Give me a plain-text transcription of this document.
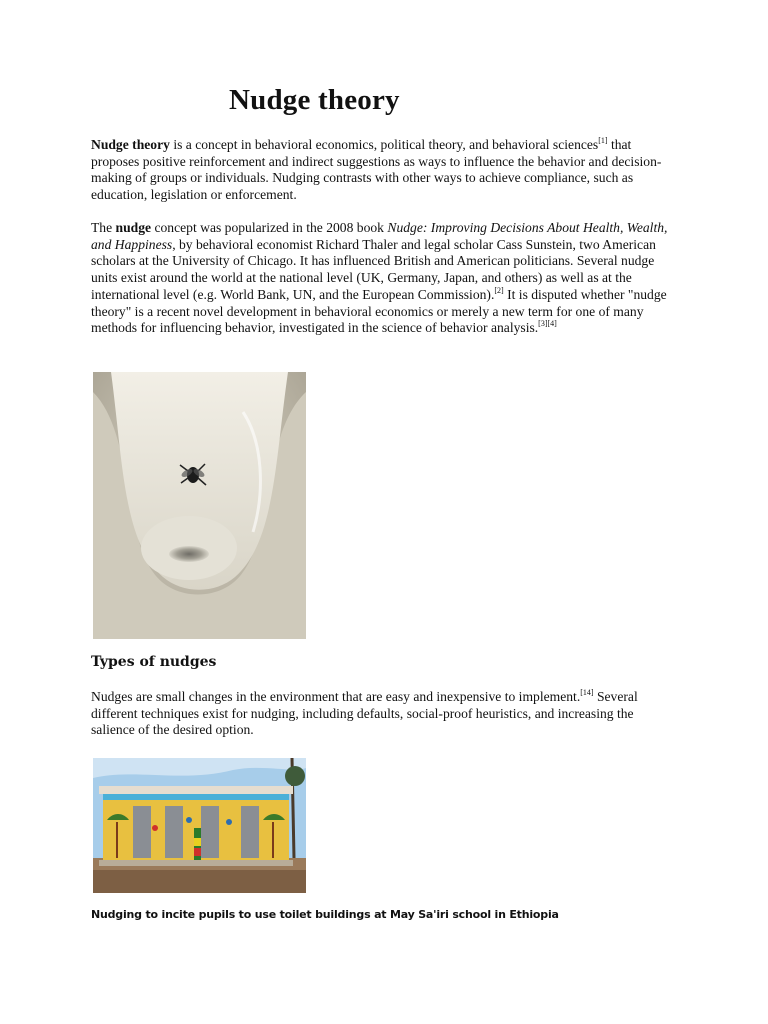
Nudge theory

Nudge theory is a concept in behavioral economics, political theory, and behavioral sciences[1] that proposes positive reinforcement and indirect suggestions as ways to influence the behavior and decision-making of groups or individuals. Nudging contrasts with other ways to achieve compliance, such as education, legislation or enforcement.

The nudge concept was popularized in the 2008 book Nudge: Improving Decisions About Health, Wealth, and Happiness, by behavioral economist Richard Thaler and legal scholar Cass Sunstein, two American scholars at the University of Chicago. It has influenced British and American politicians. Several nudge units exist around the world at the national level (UK, Germany, Japan, and others) as well as at the international level (e.g. World Bank, UN, and the European Commission).[2] It is disputed whether "nudge theory" is a recent novel development in behavioral economics or merely a new term for one of many methods for influencing behavior, investigated in the science of behavior analysis.[3][4]

Types of nudges

Nudges are small changes in the environment that are easy and inexpensive to implement.[14] Several different techniques exist for nudging, including defaults, social-proof heuristics, and increasing the salience of the desired option.

Nudging to incite pupils to use toilet buildings at May Sa'iri school in Ethiopia
